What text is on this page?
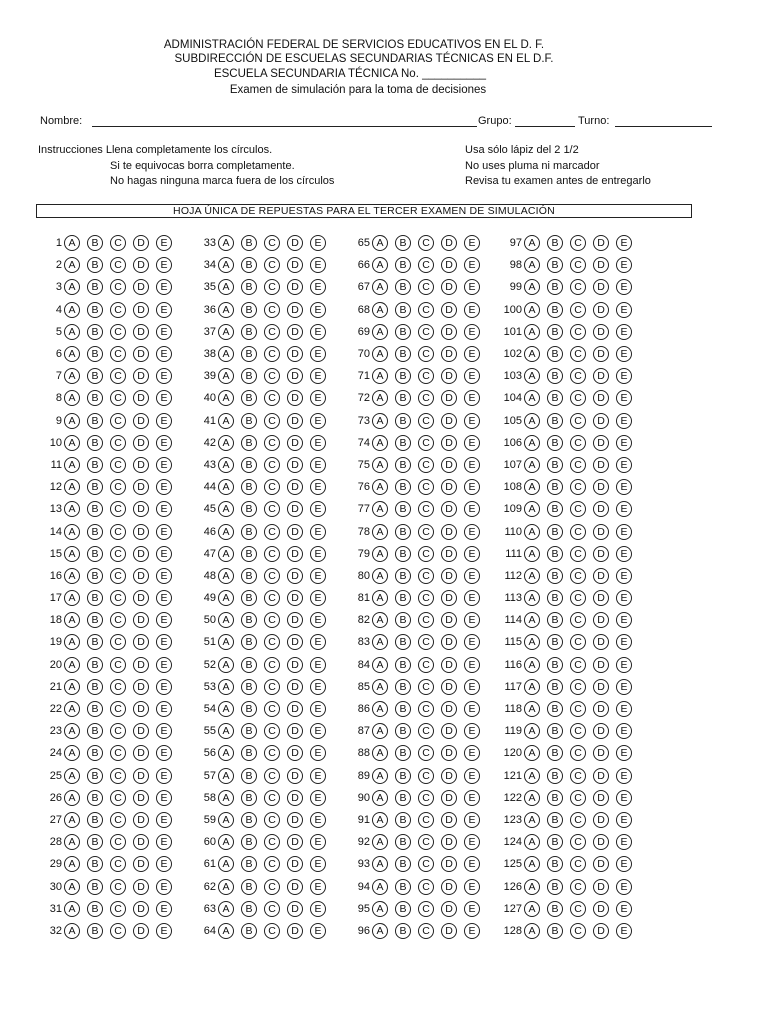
ADMINISTRACIÓN FEDERAL DE SERVICIOS EDUCATIVOS EN EL D. F.
SUBDIRECCIÓN DE ESCUELAS SECUNDARIAS TÉCNICAS EN EL D.F.
ESCUELA SECUNDARIA TÉCNICA No. __________
Examen de simulación para la toma de decisiones
Nombre:	Grupo:	Turno:
Instrucciones Llena completamente los círculos.
Si te equivocas borra completamente.
No hagas ninguna marca fuera de los círculos
Usa sólo lápiz del 2 1/2
No uses pluma ni marcador
Revisa tu examen antes de entregarlo
HOJA ÚNICA DE REPUESTAS PARA EL TERCER EXAMEN DE SIMULACIÓN
1 A	B	C	D	E
2 A	B	C	D	E
3 A	B	C	D	E
4 A	B	C	D	E
5 A	B	C	D	E
6 A	B	C	D	E
7 A	B	C	D	E
8 A	B	C	D	E
9 A	B	C	D	E
10 A	B	C	D	E
11 A	B	C	D	E
12 A	B	C	D	E
13 A	B	C	D	E
14 A	B	C	D	E
15 A	B	C	D	E
16 A	B	C	D	E
17 A	B	C	D	E
18 A	B	C	D	E
19 A	B	C	D	E
20 A	B	C	D	E
21 A	B	C	D	E
22 A	B	C	D	E
23 A	B	C	D	E
24 A	B	C	D	E
25 A	B	C	D	E
26 A	B	C	D	E
27 A	B	C	D	E
28 A	B	C	D	E
29 A	B	C	D	E
30 A	B	C	D	E
31 A	B	C	D	E
32 A	B	C	D	E
33 A	B	C	D	E
34 A	B	C	D	E
35 A	B	C	D	E
36 A	B	C	D	E
37 A	B	C	D	E
38 A	B	C	D	E
39 A	B	C	D	E
40 A	B	C	D	E
41 A	B	C	D	E
42 A	B	C	D	E
43 A	B	C	D	E
44 A	B	C	D	E
45 A	B	C	D	E
46 A	B	C	D	E
47 A	B	C	D	E
48 A	B	C	D	E
49 A	B	C	D	E
50 A	B	C	D	E
51 A	B	C	D	E
52 A	B	C	D	E
53 A	B	C	D	E
54 A	B	C	D	E
55 A	B	C	D	E
56 A	B	C	D	E
57 A	B	C	D	E
58 A	B	C	D	E
59 A	B	C	D	E
60 A	B	C	D	E
61 A	B	C	D	E
62 A	B	C	D	E
63 A	B	C	D	E
64 A	B	C	D	E
65 A	B	C	D	E
66 A	B	C	D	E
67 A	B	C	D	E
68 A	B	C	D	E
69 A	B	C	D	E
70 A	B	C	D	E
71 A	B	C	D	E
72 A	B	C	D	E
73 A	B	C	D	E
74 A	B	C	D	E
75 A	B	C	D	E
76 A	B	C	D	E
77 A	B	C	D	E
78 A	B	C	D	E
79 A	B	C	D	E
80 A	B	C	D	E
81 A	B	C	D	E
82 A	B	C	D	E
83 A	B	C	D	E
84 A	B	C	D	E
85 A	B	C	D	E
86 A	B	C	D	E
87 A	B	C	D	E
88 A	B	C	D	E
89 A	B	C	D	E
90 A	B	C	D	E
91 A	B	C	D	E
92 A	B	C	D	E
93 A	B	C	D	E
94 A	B	C	D	E
95 A	B	C	D	E
96 A	B	C	D	E
97 A	B	C	D	E
98 A	B	C	D	E
99 A	B	C	D	E
100 A	B	C	D	E
101 A	B	C	D	E
102 A	B	C	D	E
103 A	B	C	D	E
104 A	B	C	D	E
105 A	B	C	D	E
106 A	B	C	D	E
107 A	B	C	D	E
108 A	B	C	D	E
109 A	B	C	D	E
110 A	B	C	D	E
111 A	B	C	D	E
112 A	B	C	D	E
113 A	B	C	D	E
114 A	B	C	D	E
115 A	B	C	D	E
116 A	B	C	D	E
117 A	B	C	D	E
118 A	B	C	D	E
119 A	B	C	D	E
120 A	B	C	D	E
121 A	B	C	D	E
122 A	B	C	D	E
123 A	B	C	D	E
124 A	B	C	D	E
125 A	B	C	D	E
126 A	B	C	D	E
127 A	B	C	D	E
128 A	B	C	D	E
